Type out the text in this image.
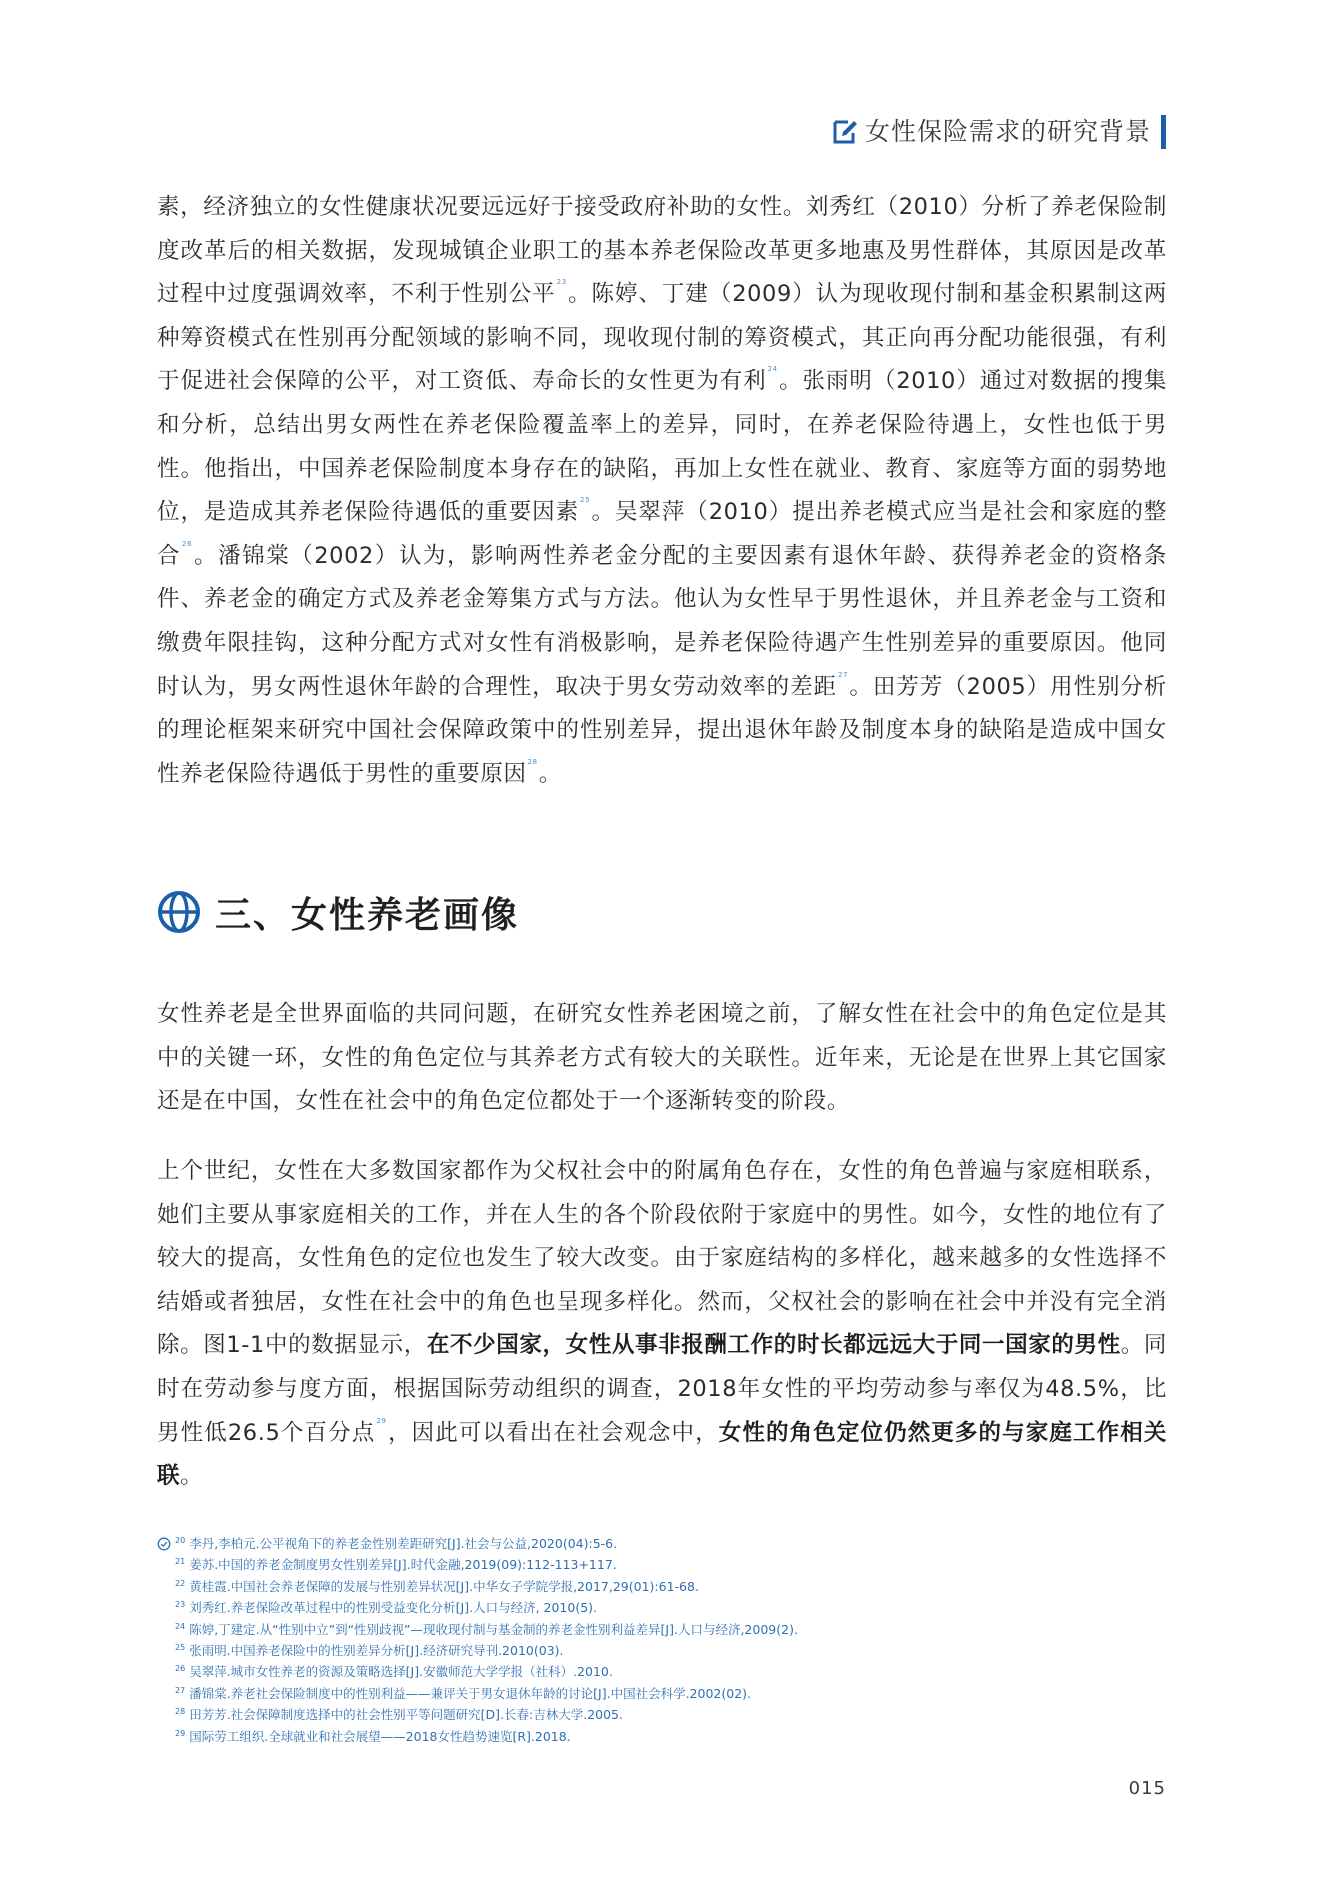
女性保险需求的研究背景

素，经济独立的女性健康状况要远远好于接受政府补助的女性。刘秀红（2010）分析了养老保险制度改革后的相关数据，发现城镇企业职工的基本养老保险改革更多地惠及男性群体，其原因是改革过程中过度强调效率，不利于性别公平$^{23}$。陈婷、丁建（2009）认为现收现付制和基金积累制这两种筹资模式在性别再分配领域的影响不同，现收现付制的筹资模式，其正向再分配功能很强，有利于促进社会保障的公平，对工资低、寿命长的女性更为有利$^{24}$。张雨明（2010）通过对数据的搜集和分析，总结出男女两性在养老保险覆盖率上的差异，同时，在养老保险待遇上，女性也低于男性。他指出，中国养老保险制度本身存在的缺陷，再加上女性在就业、教育、家庭等方面的弱势地位，是造成其养老保险待遇低的重要因素$^{25}$。吴翠萍（2010）提出养老模式应当是社会和家庭的整合$^{26}$。潘锦棠（2002）认为，影响两性养老金分配的主要因素有退休年龄、获得养老金的资格条件、养老金的确定方式及养老金筹集方式与方法。他认为女性早于男性退休，并且养老金与工资和缴费年限挂钩，这种分配方式对女性有消极影响，是养老保险待遇产生性别差异的重要原因。他同时认为，男女两性退休年龄的合理性，取决于男女劳动效率的差距$^{27}$。田芳芳（2005）用性别分析的理论框架来研究中国社会保障政策中的性别差异，提出退休年龄及制度本身的缺陷是造成中国女性养老保险待遇低于男性的重要原因$^{28}$。

三、女性养老画像

女性养老是全世界面临的共同问题，在研究女性养老困境之前，了解女性在社会中的角色定位是其中的关键一环，女性的角色定位与其养老方式有较大的关联性。近年来，无论是在世界上其它国家还是在中国，女性在社会中的角色定位都处于一个逐渐转变的阶段。

上个世纪，女性在大多数国家都作为父权社会中的附属角色存在，女性的角色普遍与家庭相联系，她们主要从事家庭相关的工作，并在人生的各个阶段依附于家庭中的男性。如今，女性的地位有了较大的提高，女性角色的定位也发生了较大改变。由于家庭结构的多样化，越来越多的女性选择不结婚或者独居，女性在社会中的角色也呈现多样化。然而，父权社会的影响在社会中并没有完全消除。图1-1中的数据显示，在不少国家，女性从事非报酬工作的时长都远远大于同一国家的男性。同时在劳动参与度方面，根据国际劳动组织的调查，2018年女性的平均劳动参与率仅为48.5%，比男性低26.5个百分点$^{29}$，因此可以看出在社会观念中，女性的角色定位仍然更多的与家庭工作相关联。

20 李丹,李柏元.公平视角下的养老金性别差距研究[J].社会与公益,2020(04):5-6.
21 姜苏.中国的养老金制度男女性别差异[J].时代金融,2019(09):112-113+117.
22 黄桂霞.中国社会养老保障的发展与性别差异状况[J].中华女子学院学报,2017,29(01):61-68.
23 刘秀红.养老保险改革过程中的性别受益变化分析[J].人口与经济, 2010(5).
24 陈婷,丁建定.从“性别中立”到“性别歧视”—现收现付制与基金制的养老金性别利益差异[J].人口与经济,2009(2).
25 张雨明.中国养老保险中的性别差异分析[J].经济研究导刊.2010(03).
26 吴翠萍.城市女性养老的资源及策略选择[J].安徽师范大学学报（社科）.2010.
27 潘锦棠.养老社会保险制度中的性别利益——兼评关于男女退休年龄的讨论[J].中国社会科学.2002(02).
28 田芳芳.社会保障制度选择中的社会性别平等问题研究[D].长春:吉林大学.2005.
29 国际劳工组织.全球就业和社会展望——2018女性趋势速览[R].2018.
015
